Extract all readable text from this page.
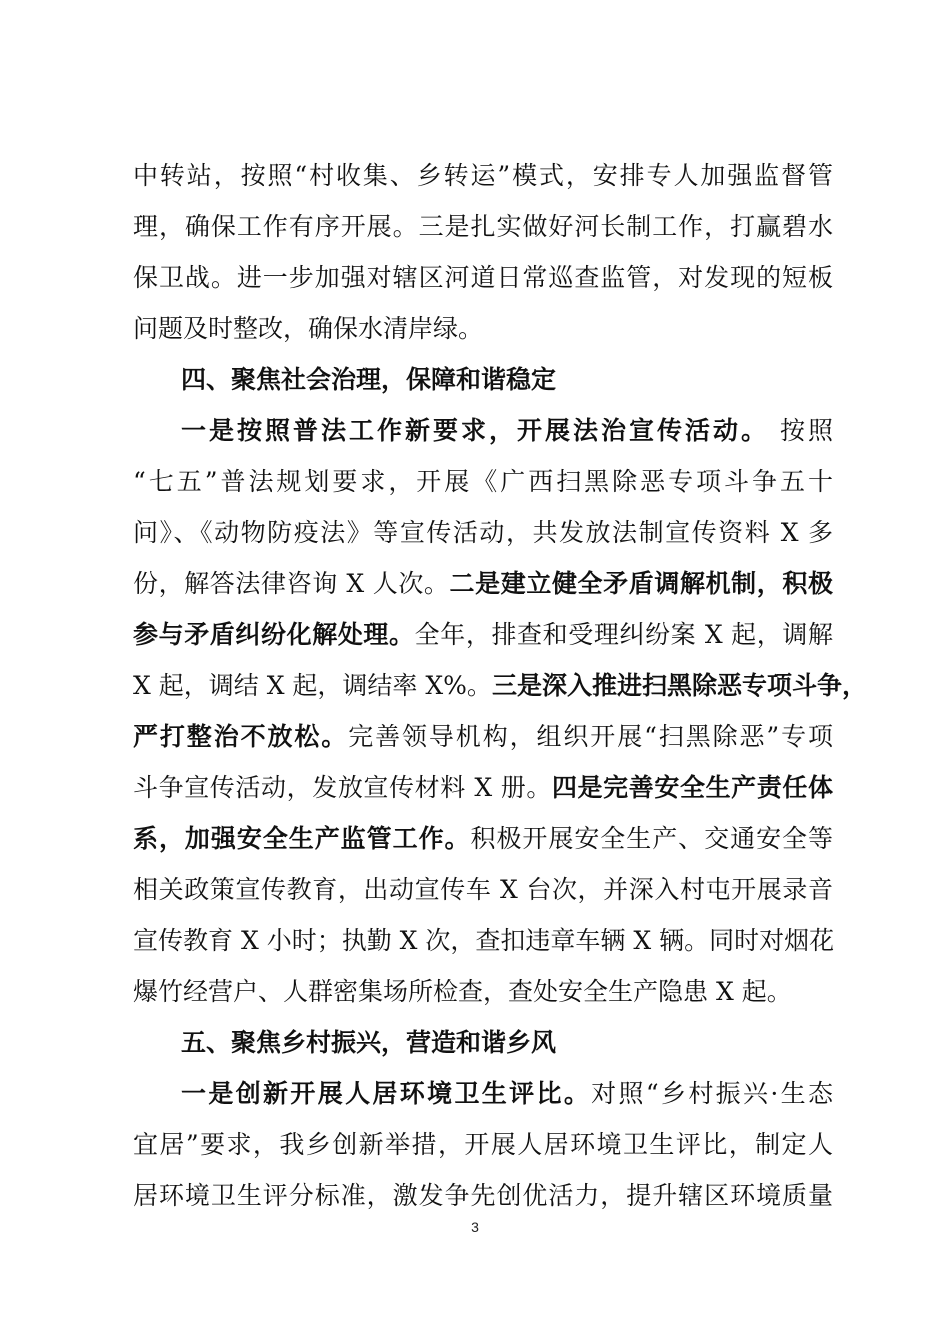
中转站，按照“村收集、乡转运”模式，安排专人加强监督管
理，确保工作有序开展。三是扎实做好河长制工作，打赢碧水
保卫战。进一步加强对辖区河道日常巡查监管，对发现的短板
问题及时整改，确保水清岸绿。
四、聚焦社会治理，保障和谐稳定
一是按照普法工作新要求，开展法治宣传活动。 按照
“七五”普法规划要求，开展《广西扫黑除恶专项斗争五十
问》、《动物防疫法》等宣传活动，共发放法制宣传资料 X 多
份，解答法律咨询 X 人次。二是建立健全矛盾调解机制，积极
参与矛盾纠纷化解处理。全年，排查和受理纠纷案 X 起，调解
X 起，调结 X 起，调结率 X%。三是深入推进扫黑除恶专项斗争，
严打整治不放松。完善领导机构，组织开展“扫黑除恶”专项
斗争宣传活动，发放宣传材料 X 册。四是完善安全生产责任体
系，加强安全生产监管工作。积极开展安全生产、交通安全等
相关政策宣传教育，出动宣传车 X 台次，并深入村屯开展录音
宣传教育 X 小时；执勤 X 次，查扣违章车辆 X 辆。同时对烟花
爆竹经营户、人群密集场所检查，查处安全生产隐患 X 起。
五、聚焦乡村振兴，营造和谐乡风
一是创新开展人居环境卫生评比。对照“乡村振兴·生态
宜居”要求，我乡创新举措，开展人居环境卫生评比，制定人
居环境卫生评分标准，激发争先创优活力，提升辖区环境质量
3
